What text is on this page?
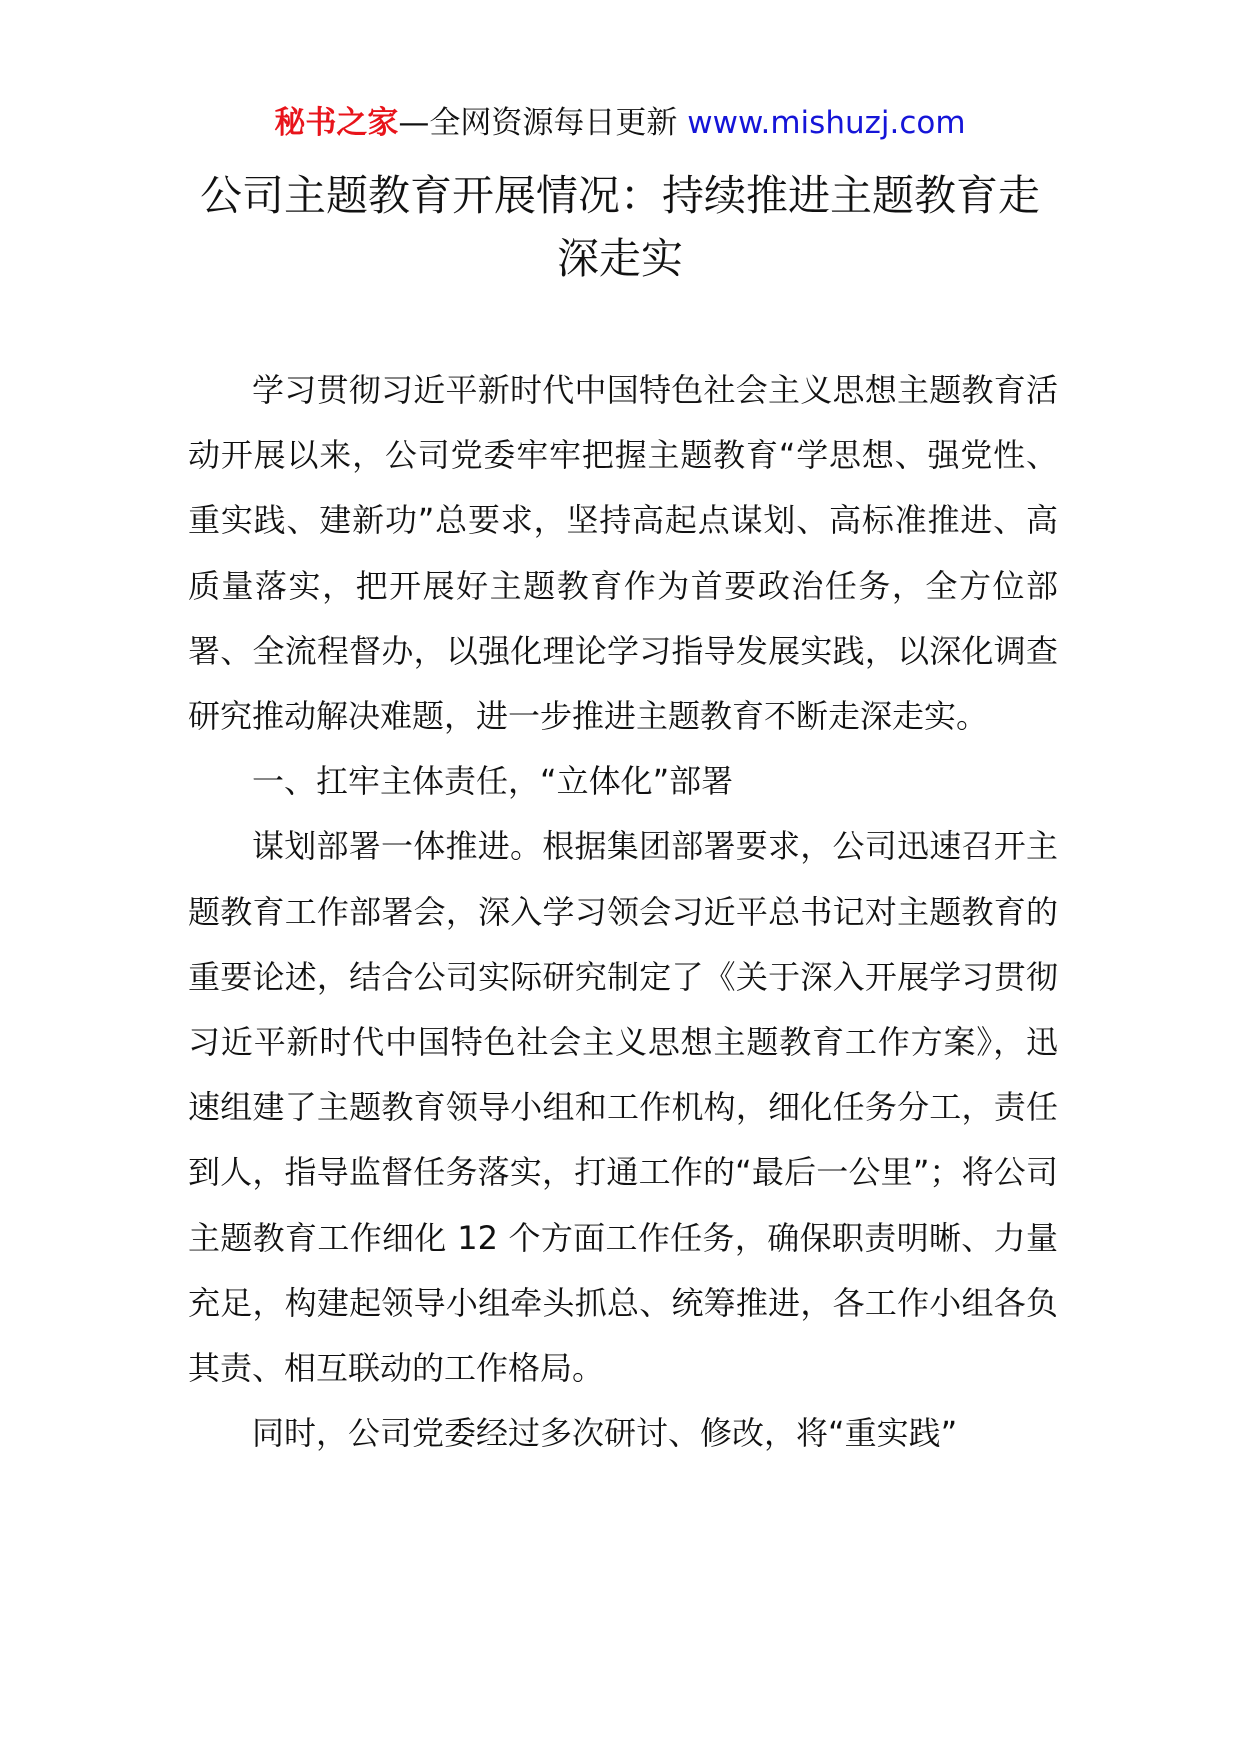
秘书之家—全网资源每日更新 www.mishuzj.com
公司主题教育开展情况：持续推进主题教育走深走实

学习贯彻习近平新时代中国特色社会主义思想主题教育活动开展以来，公司党委牢牢把握主题教育“学思想、强党性、重实践、建新功”总要求，坚持高起点谋划、高标准推进、高质量落实，把开展好主题教育作为首要政治任务，全方位部署、全流程督办，以强化理论学习指导发展实践，以深化调查研究推动解决难题，进一步推进主题教育不断走深走实。

一、扛牢主体责任，“立体化”部署

谋划部署一体推进。根据集团部署要求，公司迅速召开主题教育工作部署会，深入学习领会习近平总书记对主题教育的重要论述，结合公司实际研究制定了《关于深入开展学习贯彻习近平新时代中国特色社会主义思想主题教育工作方案》，迅速组建了主题教育领导小组和工作机构，细化任务分工，责任到人，指导监督任务落实，打通工作的“最后一公里”；将公司主题教育工作细化 12 个方面工作任务，确保职责明晰、力量充足，构建起领导小组牵头抓总、统筹推进，各工作小组各负其责、相互联动的工作格局。

同时，公司党委经过多次研讨、修改，将“重实践”
